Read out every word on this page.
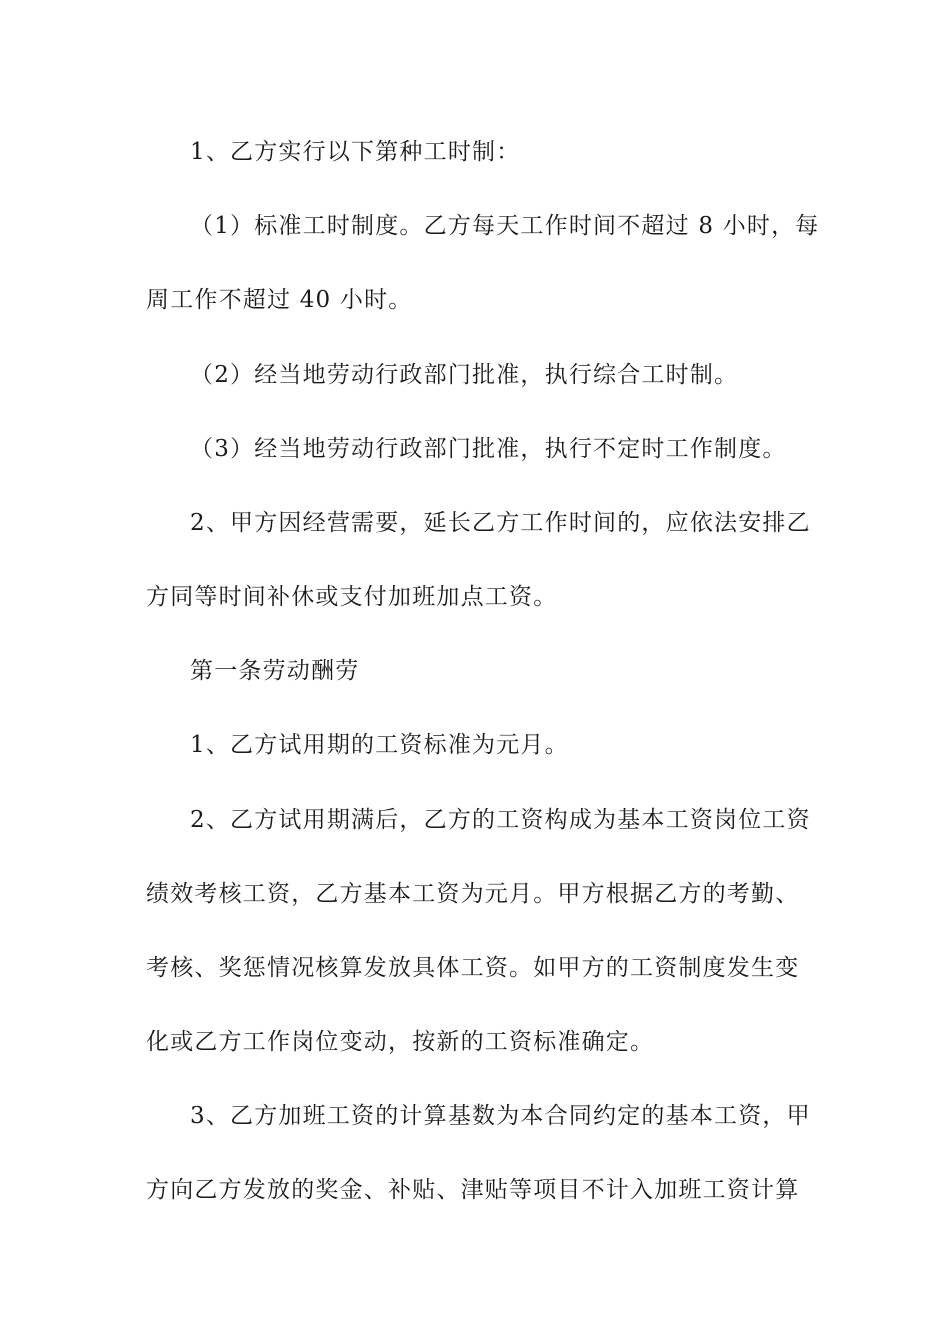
1、乙方实行以下第种工时制：
（1）标准工时制度。乙方每天工作时间不超过 8 小时，每
周工作不超过 40 小时。
（2）经当地劳动行政部门批准，执行综合工时制。
（3）经当地劳动行政部门批准，执行不定时工作制度。
2、甲方因经营需要，延长乙方工作时间的，应依法安排乙
方同等时间补休或支付加班加点工资。
第一条劳动酬劳
1、乙方试用期的工资标准为元月。
2、乙方试用期满后，乙方的工资构成为基本工资岗位工资
绩效考核工资，乙方基本工资为元月。甲方根据乙方的考勤、
考核、奖惩情况核算发放具体工资。如甲方的工资制度发生变
化或乙方工作岗位变动，按新的工资标准确定。
3、乙方加班工资的计算基数为本合同约定的基本工资，甲
方向乙方发放的奖金、补贴、津贴等项目不计入加班工资计算
